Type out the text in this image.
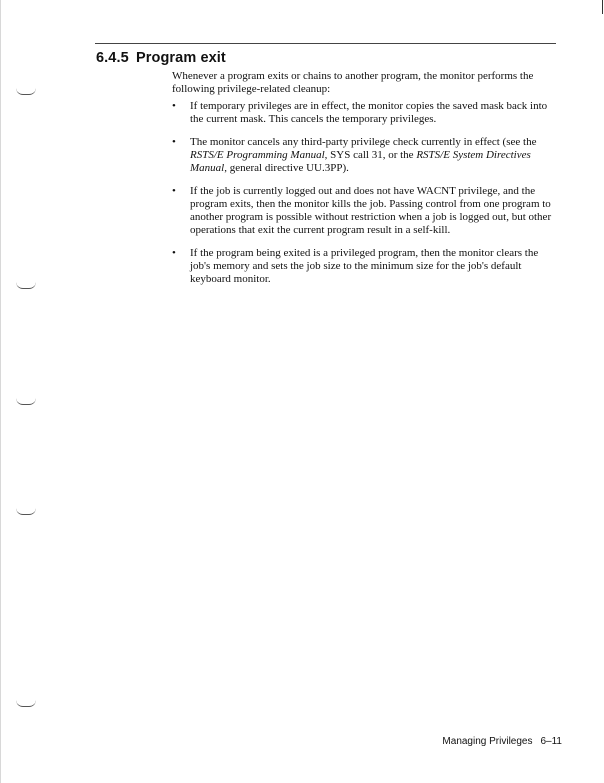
6.4.5 Program exit

Whenever a program exits or chains to another program, the monitor performs the following privilege-related cleanup:

• If temporary privileges are in effect, the monitor copies the saved mask back into the current mask. This cancels the temporary privileges.
• The monitor cancels any third-party privilege check currently in effect (see the RSTS/E Programming Manual, SYS call 31, or the RSTS/E System Directives Manual, general directive UU.3PP).
• If the job is currently logged out and does not have WACNT privilege, and the program exits, then the monitor kills the job. Passing control from one program to another program is possible without restriction when a job is logged out, but other operations that exit the current program result in a self-kill.
• If the program being exited is a privileged program, then the monitor clears the job's memory and sets the job size to the minimum size for the job's default keyboard monitor.
Managing Privileges 6–11
